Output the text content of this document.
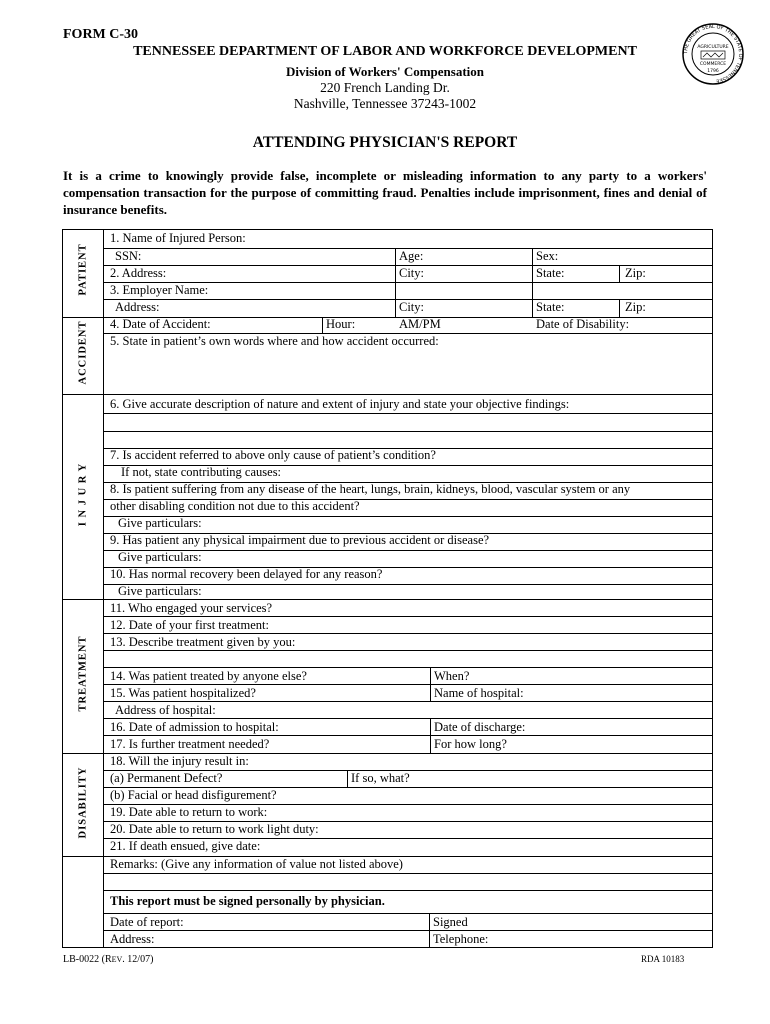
FORM C-30
THE GREAT SEAL OF THE STATE OF TENNESSEE
AGRICULTURE
COMMERCE
1796
TENNESSEE DEPARTMENT OF LABOR AND WORKFORCE DEVELOPMENT
Division of Workers' Compensation
220 French Landing Dr.
Nashville, Tennessee 37243-1002
ATTENDING PHYSICIAN'S REPORT
It is a crime to knowingly provide false, incomplete or misleading information to any party to a workers' compensation transaction for the purpose of committing fraud. Penalties include imprisonment, fines and denial of insurance benefits.
PATIENT
ACCIDENT
I N J U R Y
TREATMENT
DISABILITY
1. Name of Injured Person:
SSN:	Age:	Sex:
2. Address:	City:	State:	Zip:
3. Employer Name:
Address:	City:	State:	Zip:
4. Date of Accident:	Hour:	AM/PM	Date of Disability:
5. State in patient’s own words where and how accident occurred:
6. Give accurate description of nature and extent of injury and state your objective findings:
7. Is accident referred to above only cause of patient’s condition?
If not, state contributing causes:
8. Is patient suffering from any disease of the heart, lungs, brain, kidneys, blood, vascular system or any
other disabling condition not due to this accident?
Give particulars:
9. Has patient any physical impairment due to previous accident or disease?
Give particulars:
10. Has normal recovery been delayed for any reason?
Give particulars:
11. Who engaged your services?
12. Date of your first treatment:
13. Describe treatment given by you:
14. Was patient treated by anyone else?	When?
15. Was patient hospitalized?	Name of hospital:
Address of hospital:
16. Date of admission to hospital:	Date of discharge:
17. Is further treatment needed?	For how long?
18. Will the injury result in:
(a) Permanent Defect?	If so, what?
(b) Facial or head disfigurement?
19. Date able to return to work:
20. Date able to return to work light duty:
21. If death ensued, give date:
Remarks: (Give any information of value not listed above)
This report must be signed personally by physician.
Date of report:	Signed
Address:	Telephone:
LB-0022 (REV. 12/07)	RDA 10183
